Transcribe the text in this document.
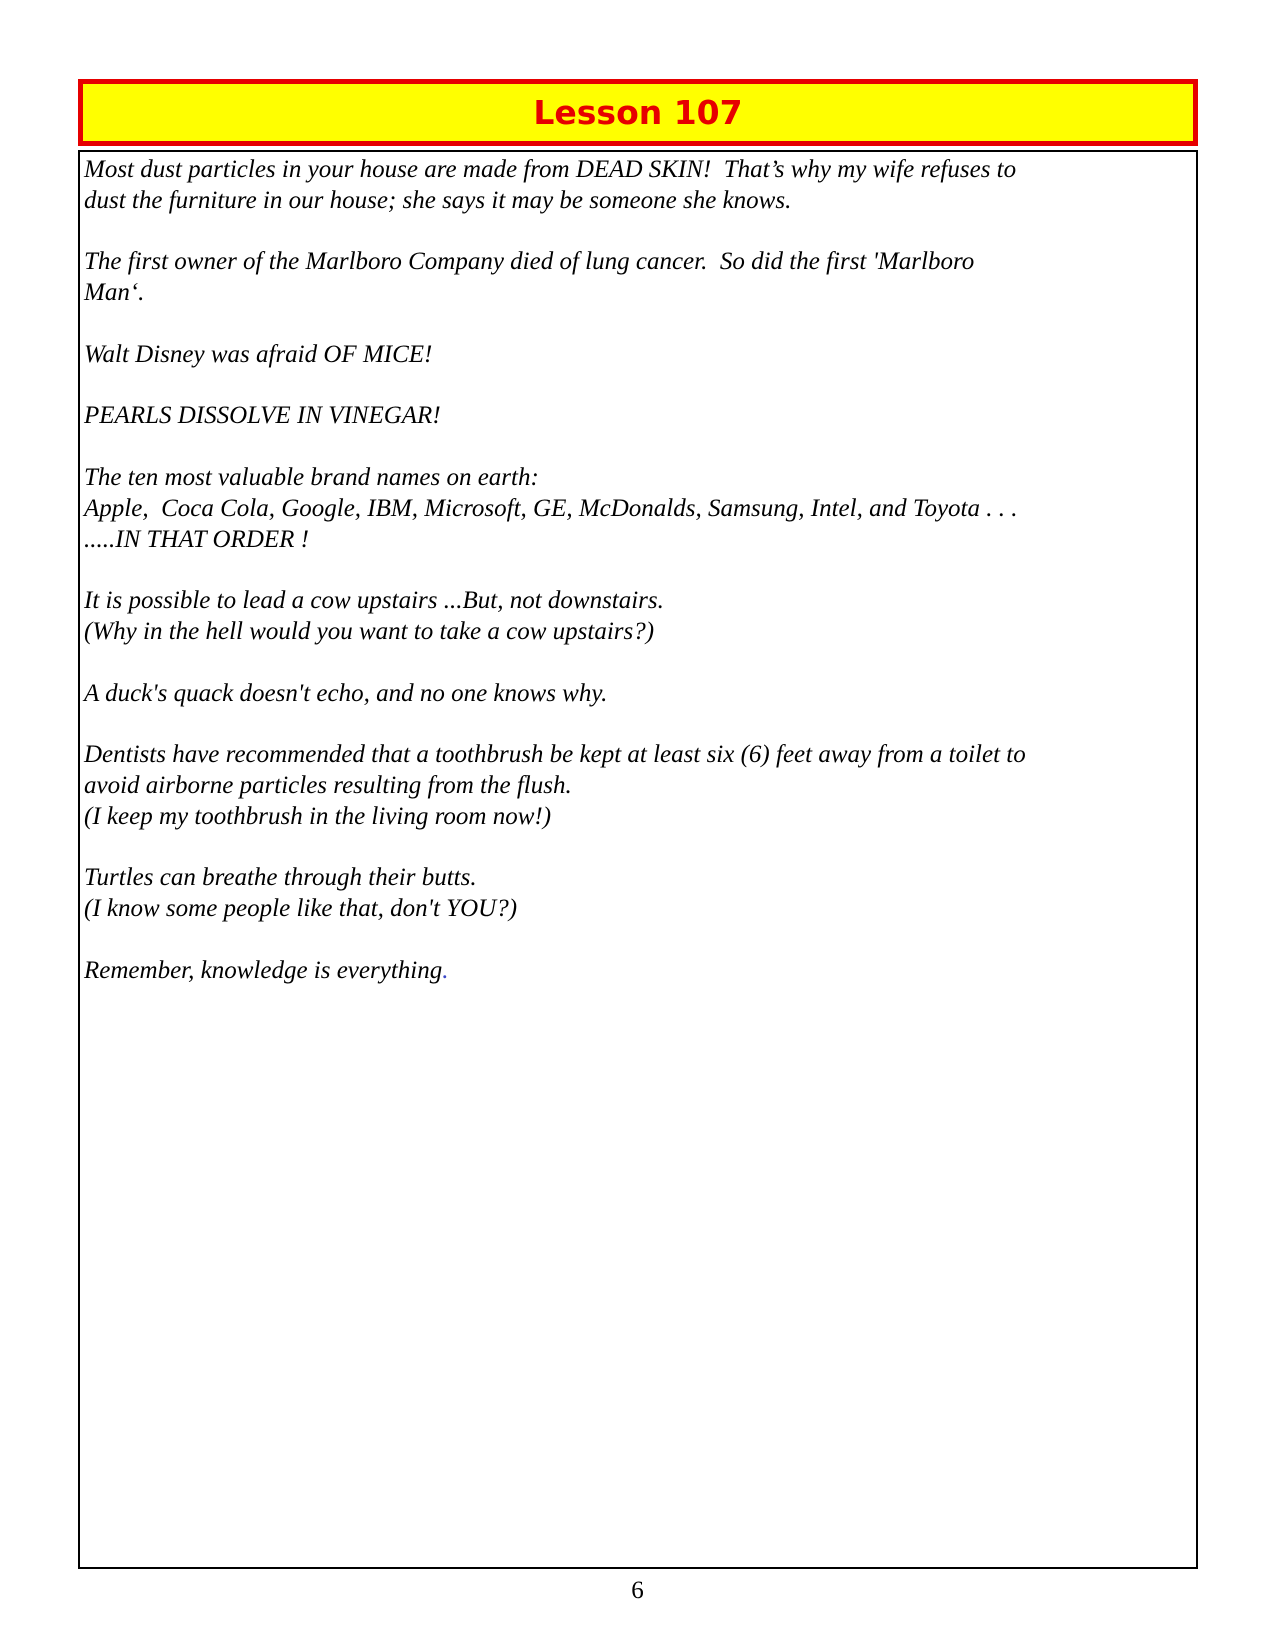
Lesson 107
Most dust particles in your house are made from DEAD SKIN!  That’s why my wife refuses to
dust the furniture in our house; she says it may be someone she knows.
The first owner of the Marlboro Company died of lung cancer.  So did the first 'Marlboro
Man‘.
Walt Disney was afraid OF MICE!
PEARLS DISSOLVE IN VINEGAR!
The ten most valuable brand names on earth:
Apple,  Coca Cola, Google, IBM, Microsoft, GE, McDonalds, Samsung, Intel, and Toyota . . .
.....IN THAT ORDER !
It is possible to lead a cow upstairs ...But, not downstairs.
(Why in the hell would you want to take a cow upstairs?)
A duck's quack doesn't echo, and no one knows why.
Dentists have recommended that a toothbrush be kept at least six (6) feet away from a toilet to
avoid airborne particles resulting from the flush.
(I keep my toothbrush in the living room now!)
Turtles can breathe through their butts.
(I know some people like that, don't YOU?)
Remember, knowledge is everything.
6
